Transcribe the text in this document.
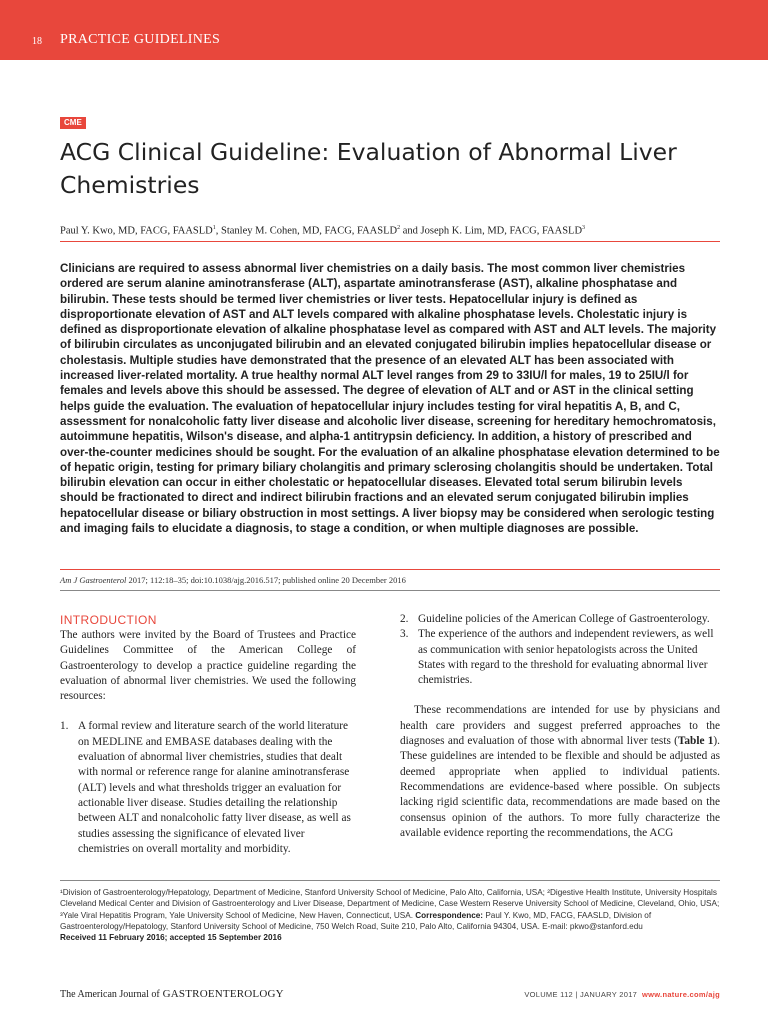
18 PRACTICE GUIDELINES
CME
ACG Clinical Guideline: Evaluation of Abnormal Liver Chemistries
Paul Y. Kwo, MD, FACG, FAASLD$^1$, Stanley M. Cohen, MD, FACG, FAASLD$^2$ and Joseph K. Lim, MD, FACG, FAASLD$^3$

Clinicians are required to assess abnormal liver chemistries on a daily basis. The most common liver chemistries ordered are serum alanine aminotransferase (ALT), aspartate aminotransferase (AST), alkaline phosphatase and bilirubin. These tests should be termed liver chemistries or liver tests. Hepatocellular injury is defined as disproportionate elevation of AST and ALT levels compared with alkaline phosphatase levels. Cholestatic injury is defined as disproportionate elevation of alkaline phosphatase level as compared with AST and ALT levels. The majority of bilirubin circulates as unconjugated bilirubin and an elevated conjugated bilirubin implies hepatocellular disease or cholestasis. Multiple studies have demonstrated that the presence of an elevated ALT has been associated with increased liver-related mortality. A true healthy normal ALT level ranges from 29 to 33IU/l for males, 19 to 25IU/l for females and levels above this should be assessed. The degree of elevation of ALT and or AST in the clinical setting helps guide the evaluation. The evaluation of hepatocellular injury includes testing for viral hepatitis A, B, and C, assessment for nonalcoholic fatty liver disease and alcoholic liver disease, screening for hereditary hemochromatosis, autoimmune hepatitis, Wilson's disease, and alpha-1 antitrypsin deficiency. In addition, a history of prescribed and over-the-counter medicines should be sought. For the evaluation of an alkaline phosphatase elevation determined to be of hepatic origin, testing for primary biliary cholangitis and primary sclerosing cholangitis should be undertaken. Total bilirubin elevation can occur in either cholestatic or hepatocellular diseases. Elevated total serum bilirubin levels should be fractionated to direct and indirect bilirubin fractions and an elevated serum conjugated bilirubin implies hepatocellular disease or biliary obstruction in most settings. A liver biopsy may be considered when serologic testing and imaging fails to elucidate a diagnosis, to stage a condition, or when multiple diagnoses are possible.

Am J Gastroenterol 2017; 112:18–35; doi:10.1038/ajg.2016.517; published online 20 December 2016
INTRODUCTION

The authors were invited by the Board of Trustees and Practice Guidelines Committee of the American College of Gastroenterology to develop a practice guideline regarding the evaluation of abnormal liver chemistries. We used the following resources:

1. A formal review and literature search of the world literature on MEDLINE and EMBASE databases dealing with the evaluation of abnormal liver chemistries, studies that dealt with normal or reference range for alanine aminotransferase (ALT) levels and what thresholds trigger an evaluation for actionable liver disease. Studies detailing the relationship between ALT and nonalcoholic fatty liver disease, as well as studies assessing the significance of elevated liver chemistries on overall mortality and morbidity.
2. Guideline policies of the American College of Gastroenterology.
3. The experience of the authors and independent reviewers, as well as communication with senior hepatologists across the United States with regard to the threshold for evaluating abnormal liver chemistries.

These recommendations are intended for use by physicians and health care providers and suggest preferred approaches to the diagnoses and evaluation of those with abnormal liver tests (Table 1). These guidelines are intended to be flexible and should be adjusted as deemed appropriate when applied to individual patients. Recommendations are evidence-based where possible. On subjects lacking rigid scientific data, recommendations are made based on the consensus opinion of the authors. To more fully characterize the available evidence reporting the recommendations, the ACG

¹Division of Gastroenterology/Hepatology, Department of Medicine, Stanford University School of Medicine, Palo Alto, California, USA; ²Digestive Health Institute, University Hospitals Cleveland Medical Center and Division of Gastroenterology and Liver Disease, Department of Medicine, Case Western Reserve University School of Medicine, Cleveland, Ohio, USA; ³Yale Viral Hepatitis Program, Yale University School of Medicine, New Haven, Connecticut, USA. Correspondence: Paul Y. Kwo, MD, FACG, FAASLD, Division of Gastroenterology/Hepatology, Stanford University School of Medicine, 750 Welch Road, Suite 210, Palo Alto, California 94304, USA. E-mail: pkwo@stanford.edu
Received 11 February 2016; accepted 15 September 2016
The American Journal of GASTROENTEROLOGY	VOLUME 112 | JANUARY 2017 www.nature.com/ajg
